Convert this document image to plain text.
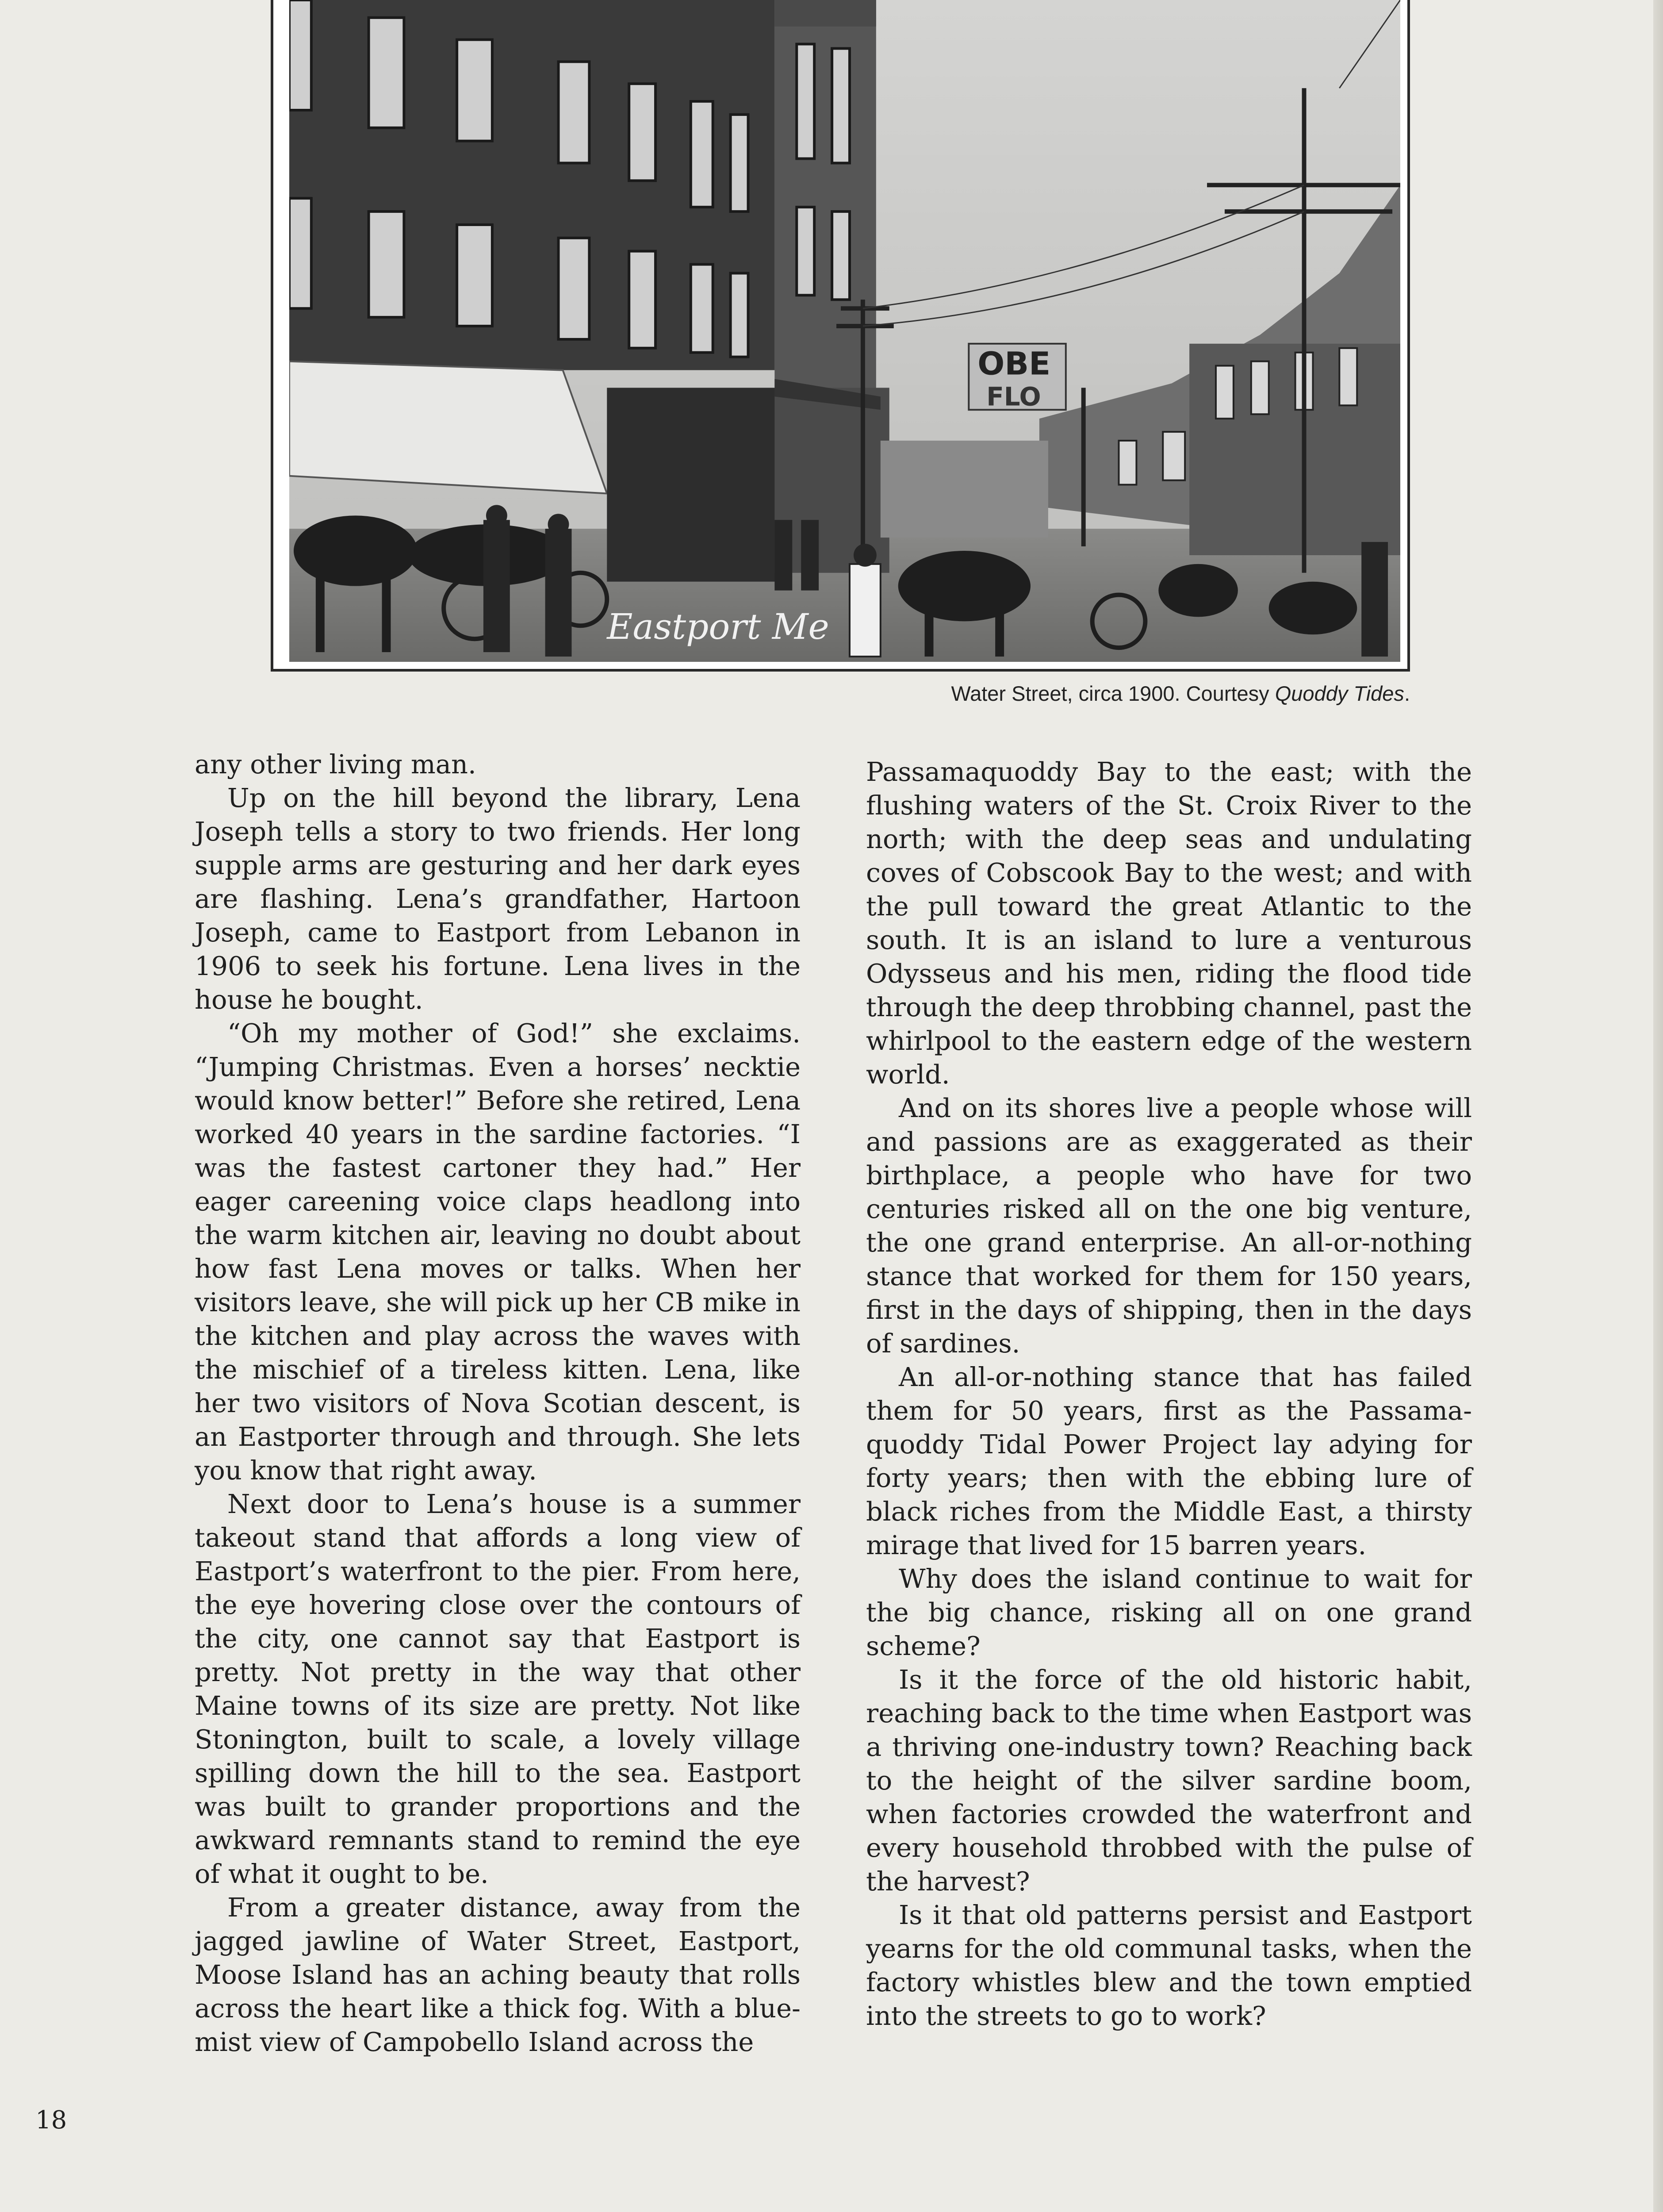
OBE
FLO
Eastport Me
Water Street, circa 1900. Courtesy Quoddy Tides.

any other living man.

Up on the hill beyond the library, Lena Joseph tells a story to two friends. Her long supple arms are gesturing and her dark eyes are flashing. Lena’s grandfather, Hartoon Joseph, came to Eastport from Lebanon in 1906 to seek his fortune. Lena lives in the house he bought.

“Oh my mother of God!” she exclaims. “Jumping Christmas. Even a horses’ necktie would know better!” Before she retired, Lena worked 40 years in the sardine factories. “I was the fastest cartoner they had.” Her eager careening voice claps headlong into the warm kitchen air, leaving no doubt about how fast Lena moves or talks. When her visitors leave, she will pick up her CB mike in the kitchen and play across the waves with the mischief of a tireless kitten. Lena, like her two visitors of Nova Scotian descent, is an Eastporter through and through. She lets you know that right away.

Next door to Lena’s house is a summer takeout stand that affords a long view of Eastport’s waterfront to the pier. From here, the eye hovering close over the contours of the city, one cannot say that Eastport is pretty. Not pretty in the way that other Maine towns of its size are pretty. Not like Stonington, built to scale, a lovely village spilling down the hill to the sea. Eastport was built to grander proportions and the awkward remnants stand to remind the eye of what it ought to be.

From a greater distance, away from the jagged jawline of Water Street, Eastport, Moose Island has an aching beauty that rolls across the heart like a thick fog. With a blue-mist view of Campobello Island across the

Passamaquoddy Bay to the east; with the flushing waters of the St. Croix River to the north; with the deep seas and undulating coves of Cobscook Bay to the west; and with the pull toward the great Atlantic to the south. It is an island to lure a venturous Odysseus and his men, riding the flood tide through the deep throbbing channel, past the whirlpool to the eastern edge of the western world.

And on its shores live a people whose will and passions are as exaggerated as their birthplace, a people who have for two centuries risked all on the one big venture, the one grand enterprise. An all-or-nothing stance that worked for them for 150 years, first in the days of shipping, then in the days of sardines.

An all-or-nothing stance that has failed them for 50 years, first as the Passamaquoddy Tidal Power Project lay adying for forty years; then with the ebbing lure of black riches from the Middle East, a thirsty mirage that lived for 15 barren years.

Why does the island continue to wait for the big chance, risking all on one grand scheme?

Is it the force of the old historic habit, reaching back to the time when Eastport was a thriving one-industry town? Reaching back to the height of the silver sardine boom, when factories crowded the waterfront and every household throbbed with the pulse of the harvest?

Is it that old patterns persist and Eastport yearns for the old communal tasks, when the factory whistles blew and the town emptied into the streets to go to work?

18
